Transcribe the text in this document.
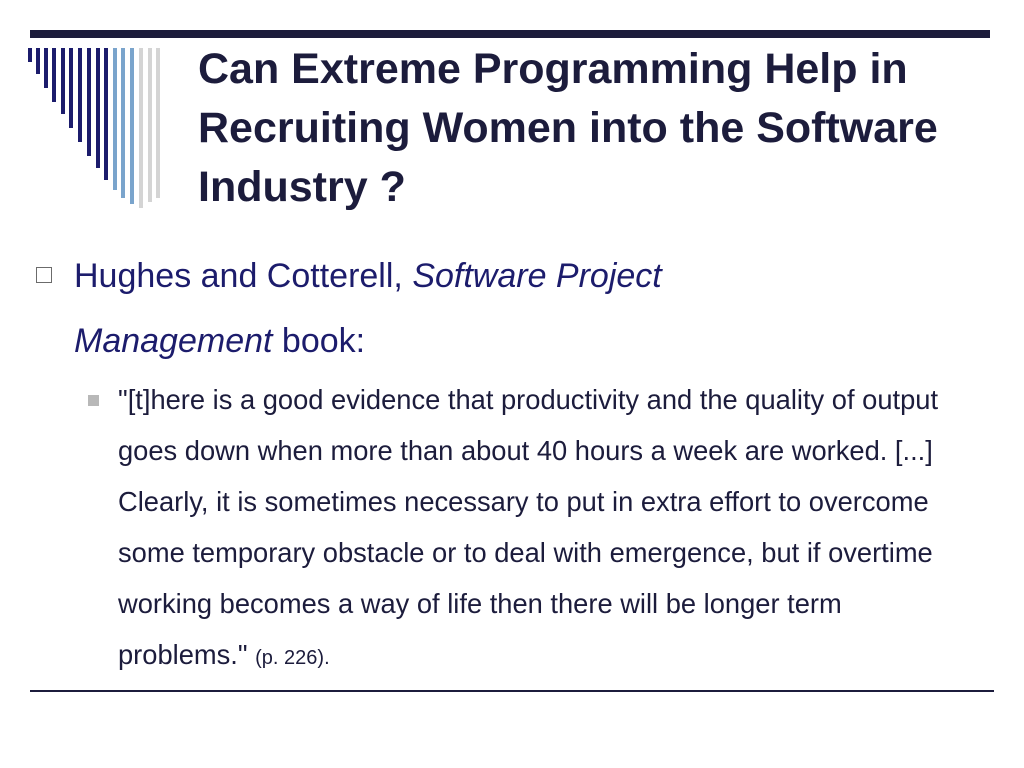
Can Extreme Programming Help in Recruiting Women into the Software Industry ?
Hughes and Cotterell, Software Project Management book:
"[t]here is a good evidence that productivity and the quality of output goes down when more than about 40 hours a week are worked. [...] Clearly, it is sometimes necessary to put in extra effort to overcome some temporary obstacle or to deal with emergence, but if overtime working becomes a way of life then there will be longer term problems." (p. 226).
